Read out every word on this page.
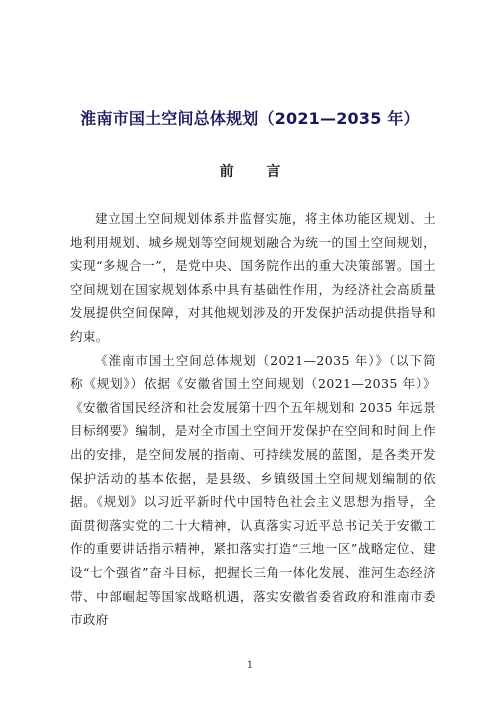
淮南市国土空间总体规划（2021—2035 年）
前 言

建立国土空间规划体系并监督实施，将主体功能区规划、土地利用规划、城乡规划等空间规划融合为统一的国土空间规划，实现“多规合一”，是党中央、国务院作出的重大决策部署。国土空间规划在国家规划体系中具有基础性作用，为经济社会高质量发展提供空间保障，对其他规划涉及的开发保护活动提供指导和约束。

《淮南市国土空间总体规划（2021—2035 年）》（以下简称《规划》）依据《安徽省国土空间规划（2021—2035 年）》《安徽省国民经济和社会发展第十四个五年规划和 2035 年远景目标纲要》编制，是对全市国土空间开发保护在空间和时间上作出的安排，是空间发展的指南、可持续发展的蓝图，是各类开发保护活动的基本依据，是县级、乡镇级国土空间规划编制的依据。《规划》以习近平新时代中国特色社会主义思想为指导，全面贯彻落实党的二十大精神，认真落实习近平总书记关于安徽工作的重要讲话指示精神，紧扣落实打造“三地一区”战略定位、建设“七个强省”奋斗目标，把握长三角一体化发展、淮河生态经济带、中部崛起等国家战略机遇，落实安徽省委省政府和淮南市委市政府

1
